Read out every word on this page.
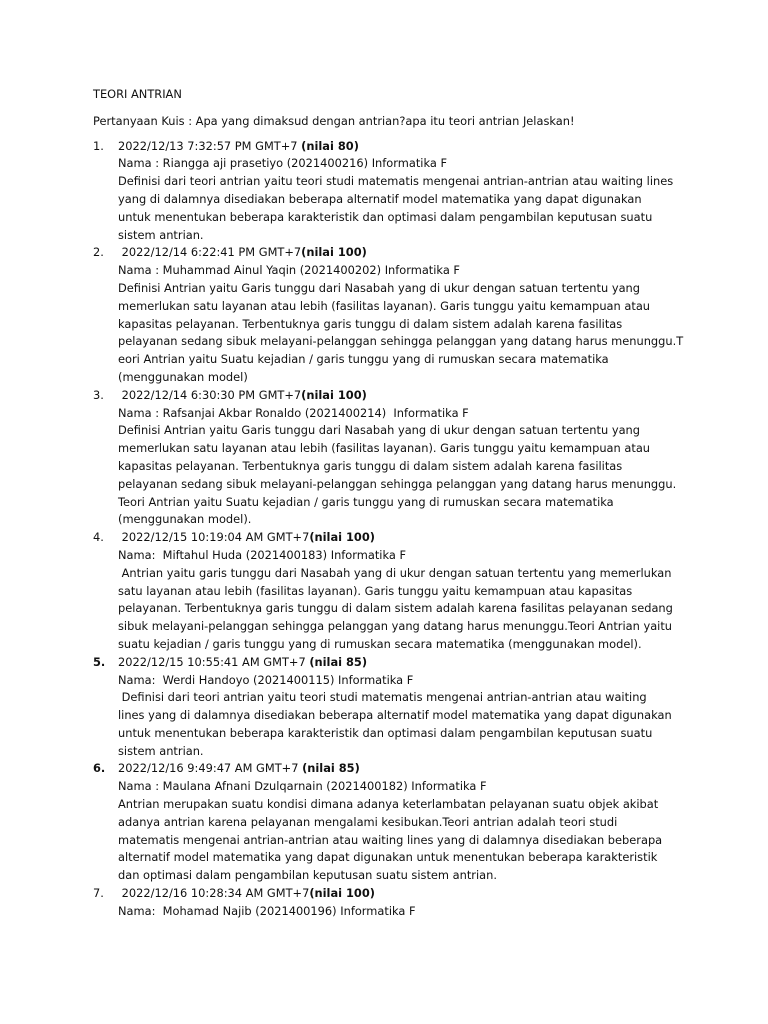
TEORI ANTRIAN
Pertanyaan Kuis : Apa yang dimaksud dengan antrian?apa itu teori antrian Jelaskan!
1. 2022/12/13 7:32:57 PM GMT+7 (nilai 80)
Nama : Riangga aji prasetiyo (2021400216) Informatika F
Definisi dari teori antrian yaitu teori studi matematis mengenai antrian-antrian atau waiting lines
yang di dalamnya disediakan beberapa alternatif model matematika yang dapat digunakan
untuk menentukan beberapa karakteristik dan optimasi dalam pengambilan keputusan suatu
sistem antrian.
2. 2022/12/14 6:22:41 PM GMT+7(nilai 100)
Nama : Muhammad Ainul Yaqin (2021400202) Informatika F
Definisi Antrian yaitu Garis tunggu dari Nasabah yang di ukur dengan satuan tertentu yang
memerlukan satu layanan atau lebih (fasilitas layanan). Garis tunggu yaitu kemampuan atau
kapasitas pelayanan. Terbentuknya garis tunggu di dalam sistem adalah karena fasilitas
pelayanan sedang sibuk melayani-pelanggan sehingga pelanggan yang datang harus menunggu.T
eori Antrian yaitu Suatu kejadian / garis tunggu yang di rumuskan secara matematika
(menggunakan model)
3. 2022/12/14 6:30:30 PM GMT+7(nilai 100)
Nama : Rafsanjai Akbar Ronaldo (2021400214)  Informatika F
Definisi Antrian yaitu Garis tunggu dari Nasabah yang di ukur dengan satuan tertentu yang
memerlukan satu layanan atau lebih (fasilitas layanan). Garis tunggu yaitu kemampuan atau
kapasitas pelayanan. Terbentuknya garis tunggu di dalam sistem adalah karena fasilitas
pelayanan sedang sibuk melayani-pelanggan sehingga pelanggan yang datang harus menunggu.
Teori Antrian yaitu Suatu kejadian / garis tunggu yang di rumuskan secara matematika
(menggunakan model).
4. 2022/12/15 10:19:04 AM GMT+7(nilai 100)
Nama:  Miftahul Huda (2021400183) Informatika F
Antrian yaitu garis tunggu dari Nasabah yang di ukur dengan satuan tertentu yang memerlukan
satu layanan atau lebih (fasilitas layanan). Garis tunggu yaitu kemampuan atau kapasitas
pelayanan. Terbentuknya garis tunggu di dalam sistem adalah karena fasilitas pelayanan sedang
sibuk melayani-pelanggan sehingga pelanggan yang datang harus menunggu.Teori Antrian yaitu
suatu kejadian / garis tunggu yang di rumuskan secara matematika (menggunakan model).
5. 2022/12/15 10:55:41 AM GMT+7 (nilai 85)
Nama:  Werdi Handoyo (2021400115) Informatika F
Definisi dari teori antrian yaitu teori studi matematis mengenai antrian-antrian atau waiting
lines yang di dalamnya disediakan beberapa alternatif model matematika yang dapat digunakan
untuk menentukan beberapa karakteristik dan optimasi dalam pengambilan keputusan suatu
sistem antrian.
6. 2022/12/16 9:49:47 AM GMT+7 (nilai 85)
Nama : Maulana Afnani Dzulqarnain (2021400182) Informatika F
Antrian merupakan suatu kondisi dimana adanya keterlambatan pelayanan suatu objek akibat
adanya antrian karena pelayanan mengalami kesibukan.Teori antrian adalah teori studi
matematis mengenai antrian-antrian atau waiting lines yang di dalamnya disediakan beberapa
alternatif model matematika yang dapat digunakan untuk menentukan beberapa karakteristik
dan optimasi dalam pengambilan keputusan suatu sistem antrian.
7. 2022/12/16 10:28:34 AM GMT+7(nilai 100)
Nama:  Mohamad Najib (2021400196) Informatika F
